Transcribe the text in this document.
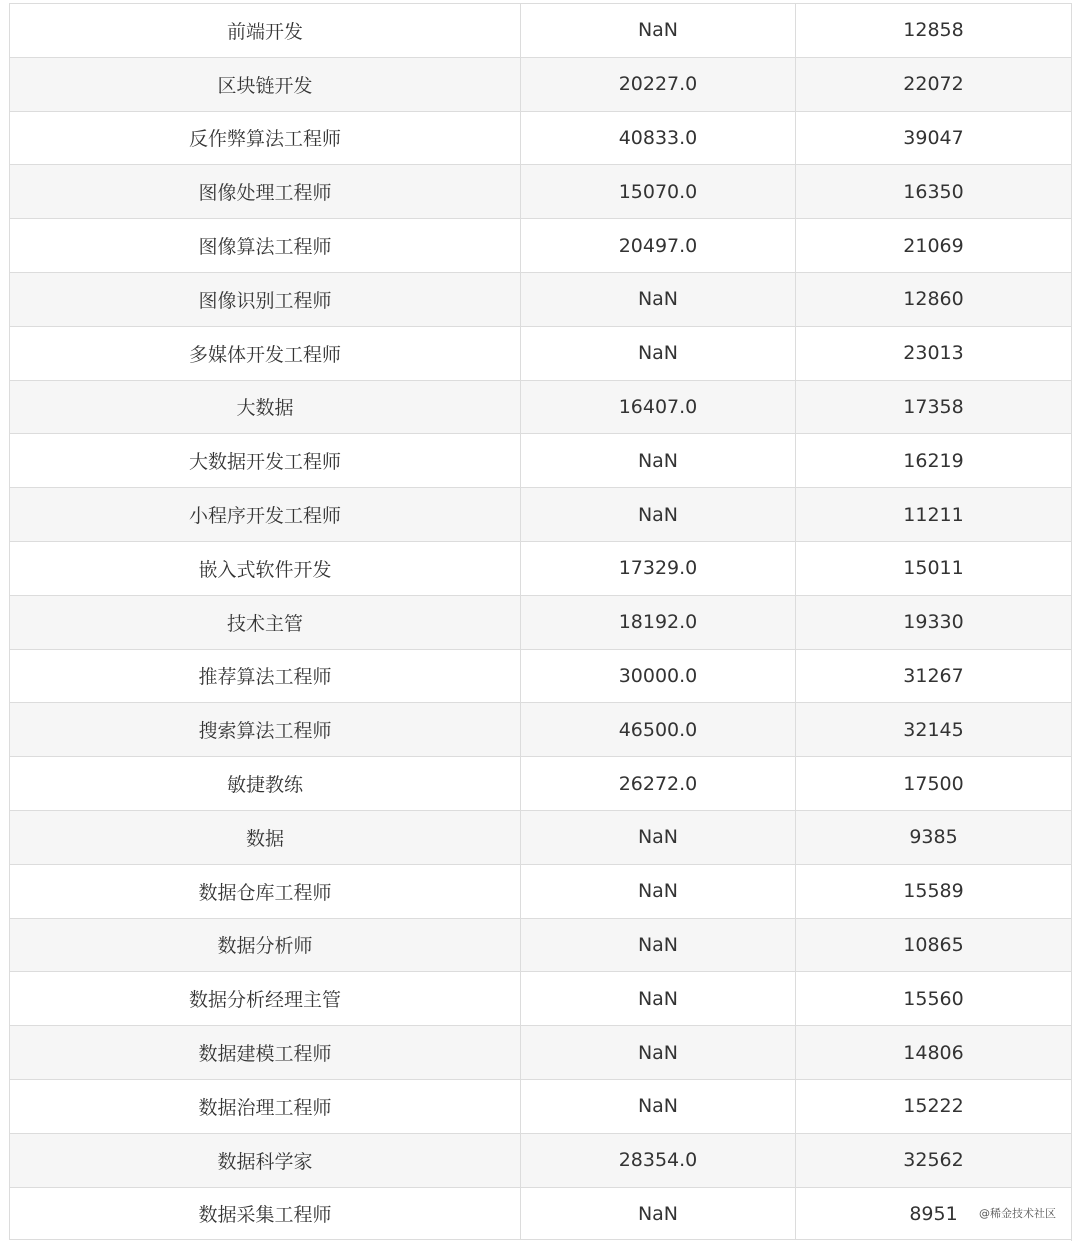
前端开发	NaN	12858
区块链开发	20227.0	22072
反作弊算法工程师	40833.0	39047
图像处理工程师	15070.0	16350
图像算法工程师	20497.0	21069
图像识别工程师	NaN	12860
多媒体开发工程师	NaN	23013
大数据	16407.0	17358
大数据开发工程师	NaN	16219
小程序开发工程师	NaN	11211
嵌入式软件开发	17329.0	15011
技术主管	18192.0	19330
推荐算法工程师	30000.0	31267
搜索算法工程师	46500.0	32145
敏捷教练	26272.0	17500
数据	NaN	9385
数据仓库工程师	NaN	15589
数据分析师	NaN	10865
数据分析经理主管	NaN	15560
数据建模工程师	NaN	14806
数据治理工程师	NaN	15222
数据科学家	28354.0	32562
数据采集工程师	NaN	8951 @稀金技术社区
